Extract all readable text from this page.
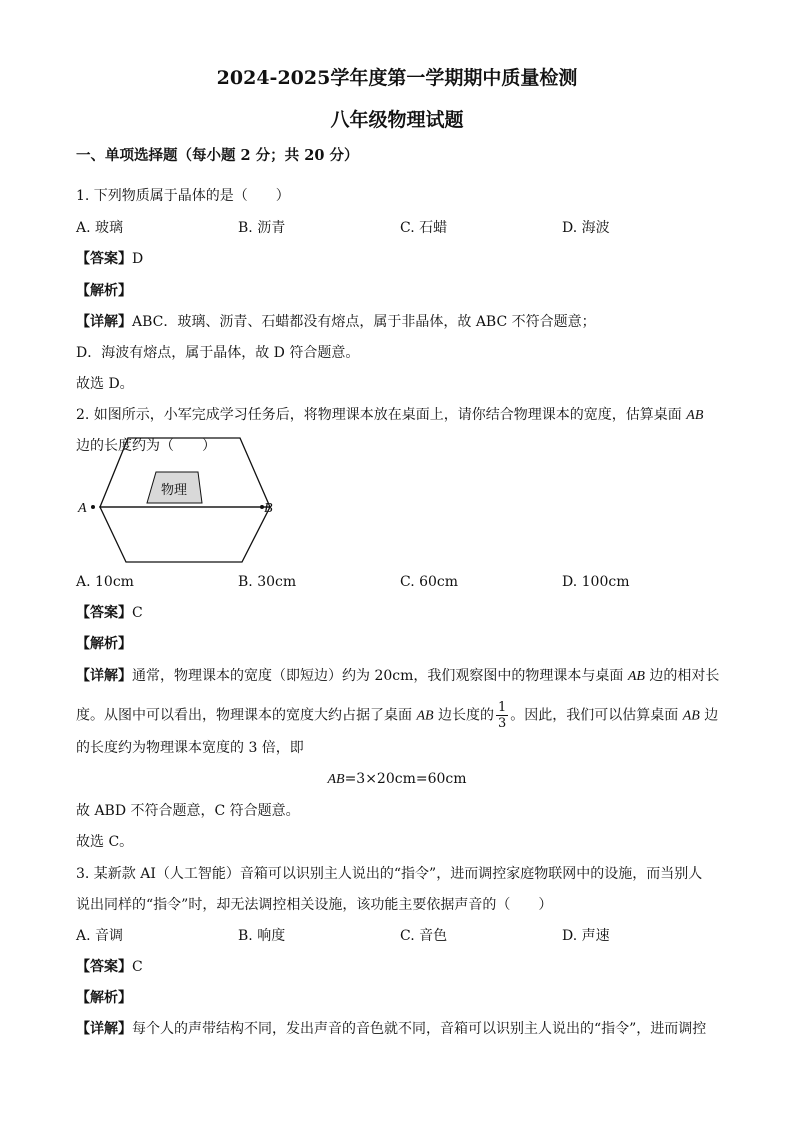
2024-2025学年度第一学期期中质量检测
八年级物理试题
一、单项选择题（每小题 2 分；共 20 分）
1. 下列物质属于晶体的是（　　）
A. 玻璃	B. 沥青	C. 石蜡	D. 海波
【答案】D
【解析】
【详解】ABC．玻璃、沥青、石蜡都没有熔点，属于非晶体，故 ABC 不符合题意；
D．海波有熔点，属于晶体，故 D 符合题意。
故选 D。
2. 如图所示，小军完成学习任务后，将物理课本放在桌面上，请你结合物理课本的宽度，估算桌面 AB
边的长度约为（　　）
物理
A	B
A. 10cm	B. 30cm	C. 60cm	D. 100cm
【答案】C
【解析】
【详解】通常，物理课本的宽度（即短边）约为 20cm，我们观察图中的物理课本与桌面 AB 边的相对长
度。从图中可以看出，物理课本的宽度大约占据了桌面 AB 边长度的 $\frac{1}{3}$ 。因此，我们可以估算桌面 AB 边
的长度约为物理课本宽度的 3 倍，即
AB=3×20cm=60cm
故 ABD 不符合题意，C 符合题意。
故选 C。
3. 某新款 AI（人工智能）音箱可以识别主人说出的“指令”，进而调控家庭物联网中的设施，而当别人
说出同样的“指令”时，却无法调控相关设施，该功能主要依据声音的（　　）
A. 音调	B. 响度	C. 音色	D. 声速
【答案】C
【解析】
【详解】每个人的声带结构不同，发出声音的音色就不同，音箱可以识别主人说出的“指令”，进而调控
